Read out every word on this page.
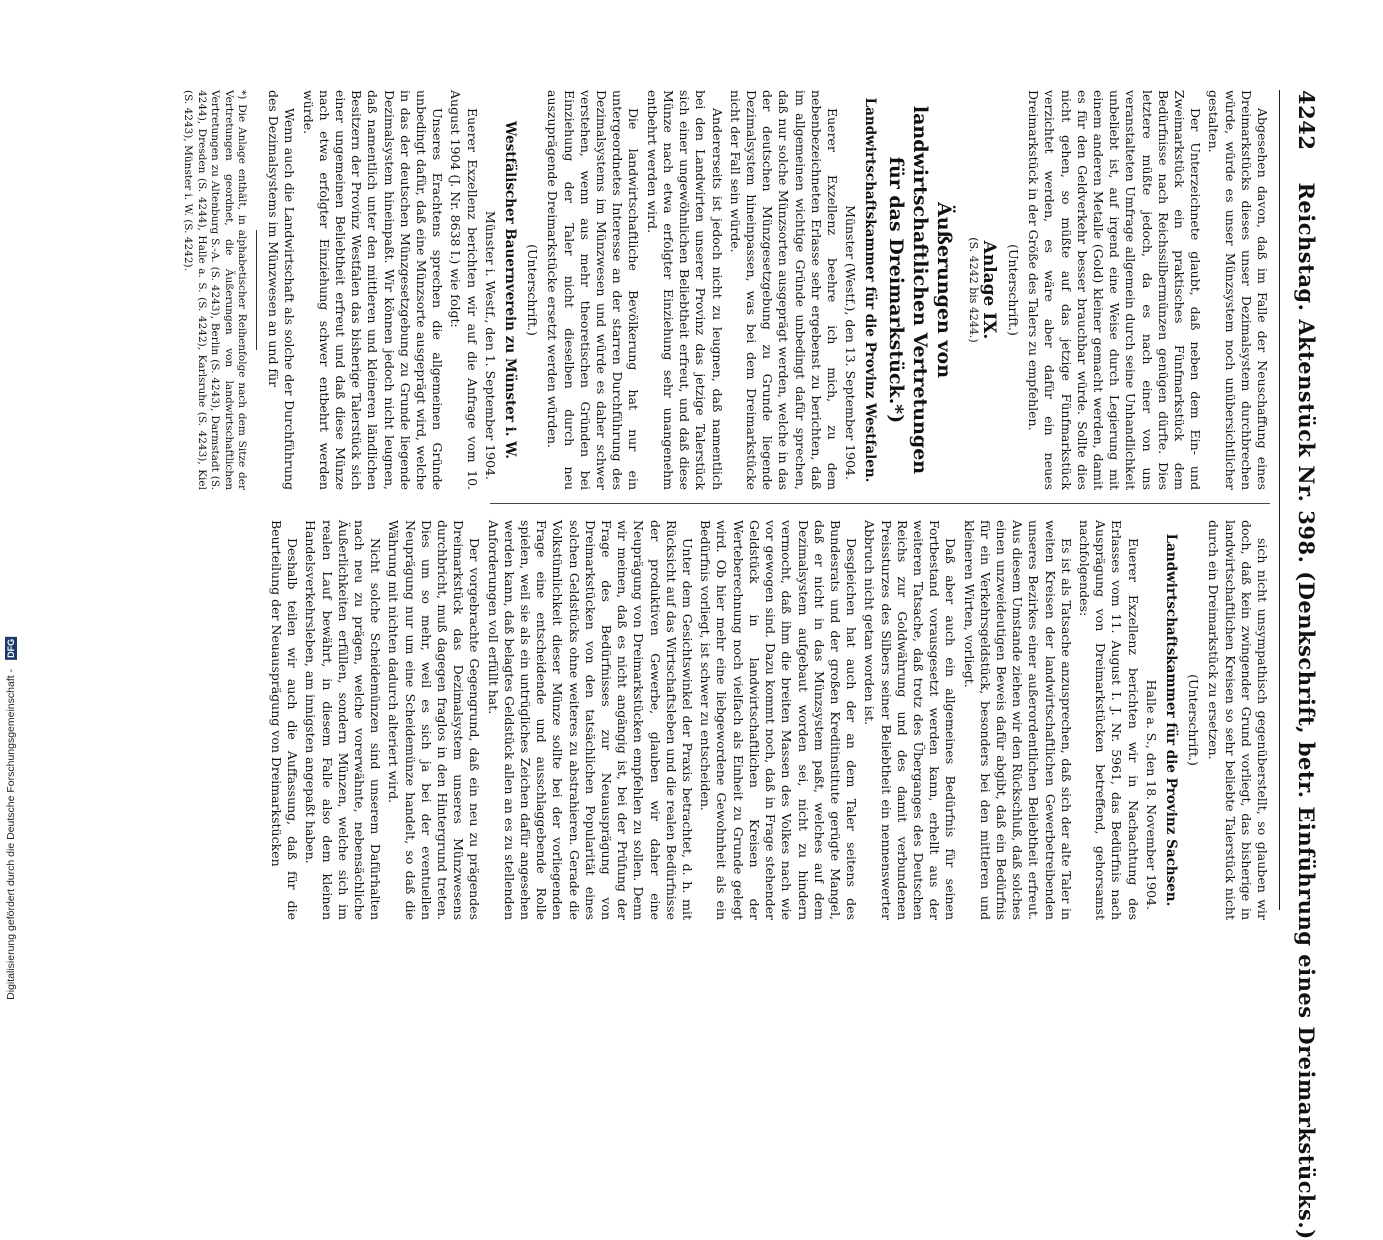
4242
Reichstag. Aktenstück Nr. 398. (Denkschrift, betr. Einführung eines Dreimarkstücks.)

Abgesehen davon, daß im Falle der Neuschaffung eines Dreimarkstücks dieses unser Dezimalsystem durchbrechen würde, würde es unser Münzsystem noch unübersichtlicher gestalten.

Der Unterzeichnete glaubt, daß neben dem Ein- und Zweimarkstück ein praktisches Fünfmarkstück dem Bedürfnisse nach Reichssilbermünzen genügen dürfte. Dies letztere müßte jedoch, da es nach einer von uns veranstalteten Umfrage allgemein durch seine Unhandlichkeit unbeliebt ist, auf irgend eine Weise durch Legierung mit einem anderen Metalle (Gold) kleiner gemacht werden, damit es für den Geldverkehr besser brauchbar würde. Sollte dies nicht gehen, so müßte auf das jetzige Fünfmarkstück verzichtet werden, es wäre aber dafür ein neues Dreimarkstück in der Größe des Talers zu empfehlen.

(Unterschrift.)
Anlage IX.
(S. 4242 bis 4244.)
Äußerungen von landwirtschaftlichen Vertretungen für das Dreimarkstück.*)
Landwirtschaftskammer für die Provinz Westfalen.
Münster (Westf.), den 13. September 1904.

Euerer Exzellenz beehre ich mich, zu dem nebenbezeichneten Erlasse sehr ergebenst zu berichten, daß im allgemeinen wichtige Gründe unbedingt dafür sprechen, daß nur solche Münzsorten ausgeprägt werden, welche in das der deutschen Münzgesetzgebung zu Grunde liegende Dezimalsystem hineinpassen, was bei dem Dreimarkstücke nicht der Fall sein würde.

Andererseits ist jedoch nicht zu leugnen, daß namentlich bei den Landwirten unserer Provinz das jetzige Talerstück sich einer ungewöhnlichen Beliebtheit erfreut, und daß diese Münze nach etwa erfolgter Einziehung sehr unangenehm entbehrt werden wird.

Die landwirtschaftliche Bevölkerung hat nur ein untergeordnetes Interesse an der starren Durchführung des Dezimalsystems im Münzwesen und würde es daher schwer verstehen, wenn aus mehr theoretischen Gründen bei Einziehung der Taler nicht dieselben durch neu auszuprägende Dreimarkstücke ersetzt werden würden.

(Unterschrift.)
Westfälischer Bauernverein zu Münster i. W.
Münster i. Westf., den 1. September 1904.

Euerer Exzellenz berichten wir auf die Anfrage vom 10. August 1904 (J. Nr. 8638 I.) wie folgt:

Unseres Erachtens sprechen die allgemeinen Gründe unbedingt dafür, daß eine Münzsorte ausgeprägt wird, welche in das der deutschen Münzgesetzgebung zu Grunde liegende Dezimalsystem hineinpaßt. Wir können jedoch nicht leugnen, daß namentlich unter den mittleren und kleineren ländlichen Besitzern der Provinz Westfalen das bisherige Talerstück sich einer ungemeinen Beliebtheit erfreut und daß diese Münze nach etwa erfolgter Einziehung schwer entbehrt werden würde.

Wenn auch die Landwirtschaft als solche der Durchführung des Dezimalsystems im Münzwesen an und für

*) Die Anlage enthält, in alphabetischer Reihenfolge nach dem Sitze der Vertretungen geordnet, die Äußerungen von landwirtschaftlichen Vertretungen zu Altenburg S.-A. (S. 4243), Berlin (S. 4243), Darmstadt (S. 4244), Dresden (S. 4244), Halle a. S. (S. 4242), Karlsruhe (S. 4243), Kiel (S. 4243), Münster i. W. (S. 4242).

sich nicht unsympathisch gegenüberstellt, so glauben wir doch, daß kein zwingender Grund vorliegt, das bisherige in landwirtschaftlichen Kreisen so sehr beliebte Talerstück nicht durch ein Dreimarkstück zu ersetzen.

(Unterschrift.)
Landwirtschaftskammer für die Provinz Sachsen.
Halle a. S., den 18. November 1904.

Euerer Exzellenz berichten wir in Nachachtung des Erlasses vom 11. August I. J. Nr. 5961, das Bedürfnis nach Ausprägung von Dreimarkstücken betreffend, gehorsamst nachfolgendes:

Es ist als Tatsache anzusprechen, daß sich der alte Taler in weiten Kreisen der landwirtschaftlichen Gewerbetreibenden unseres Bezirkes einer außerordentlichen Beliebtheit erfreut. Aus diesem Umstande ziehen wir den Rückschluß, daß solches einen unzweideutigen Beweis dafür abgibt, daß ein Bedürfnis für ein Verkehrsgeldstück, besonders bei den mittleren und kleineren Wirten, vorliegt.

Daß aber auch ein allgemeines Bedürfnis für seinen Fortbestand vorausgesetzt werden kann, erhellt aus der weiteren Tatsache, daß trotz des Überganges des Deutschen Reichs zur Goldwährung und des damit verbundenen Preissturzes des Silbers seiner Beliebtheit ein nennenswerter Abbruch nicht getan worden ist.

Desgleichen hat auch der an dem Taler seitens des Bundesrats und der großen Kreditinstitute gerügte Mangel, daß er nicht in das Münzsystem paßt, welches auf dem Dezimalsystem aufgebaut worden sei, nicht zu hindern vermocht, daß ihm die breiten Massen des Volkes nach wie vor gewogen sind. Dazu kommt noch, daß in Frage stehender Geldstück in landwirtschaftlichen Kreisen der Werteberechnung noch vielfach als Einheit zu Grunde gelegt wird. Ob hier mehr eine liebgewordene Gewohnheit als ein Bedürfnis vorliegt, ist schwer zu entscheiden.

Unter dem Gesichtswinkel der Praxis betrachtet, d. h. mit Rücksicht auf das Wirtschaftsleben und die realen Bedürfnisse der produktiven Gewerbe, glauben wir daher eine Neuprägung von Dreimarkstücken empfehlen zu sollen. Denn wir meinen, daß es nicht angängig ist, bei der Prüfung der Frage des Bedürfnisses zur Neuausprägung von Dreimarkstücken von den tatsächlichen Popularität eines solchen Geldstücks ohne weiteres zu abstrahieren. Gerade die Volkstümlichkeit dieser Münze sollte bei der vorliegenden Frage eine entscheidende und ausschlaggebende Rolle spielen, weil sie als ein untrügliches Zeichen dafür angesehen werden kann, daß belagtes Geldstück allen an es zu stellenden Anforderungen voll erfüllt hat.

Der vorgebrachte Gegengrund, daß ein neu zu prägendes Dreimarkstück das Dezimalsystem unseres Münzwesens durchbricht, muß dagegen fraglos in den Hintergrund treten. Dies um so mehr, weil es sich ja bei der eventuellen Neuprägung nur um eine Scheidemünze handelt, so daß die Währung mit nichten dadurch alteriert wird.

Nicht solche Scheidemünzen sind unserem Dafürhalten nach neu zu prägen, welche vorerwähnte, nebensächliche Äußerlichkeiten erfüllen, sondern Münzen, welche sich im realen Lauf bewährt, in diesem Falle also dem kleinen Handelsverkehrsleben, am innigsten angepaßt haben.

Deshalb teilen wir auch die Auffassung, daß für die Beurteilung der Neuausprägung von Dreimarkstücken

Digitalisierung gefördert durch die Deutsche Forschungsgemeinschaft - DFG
